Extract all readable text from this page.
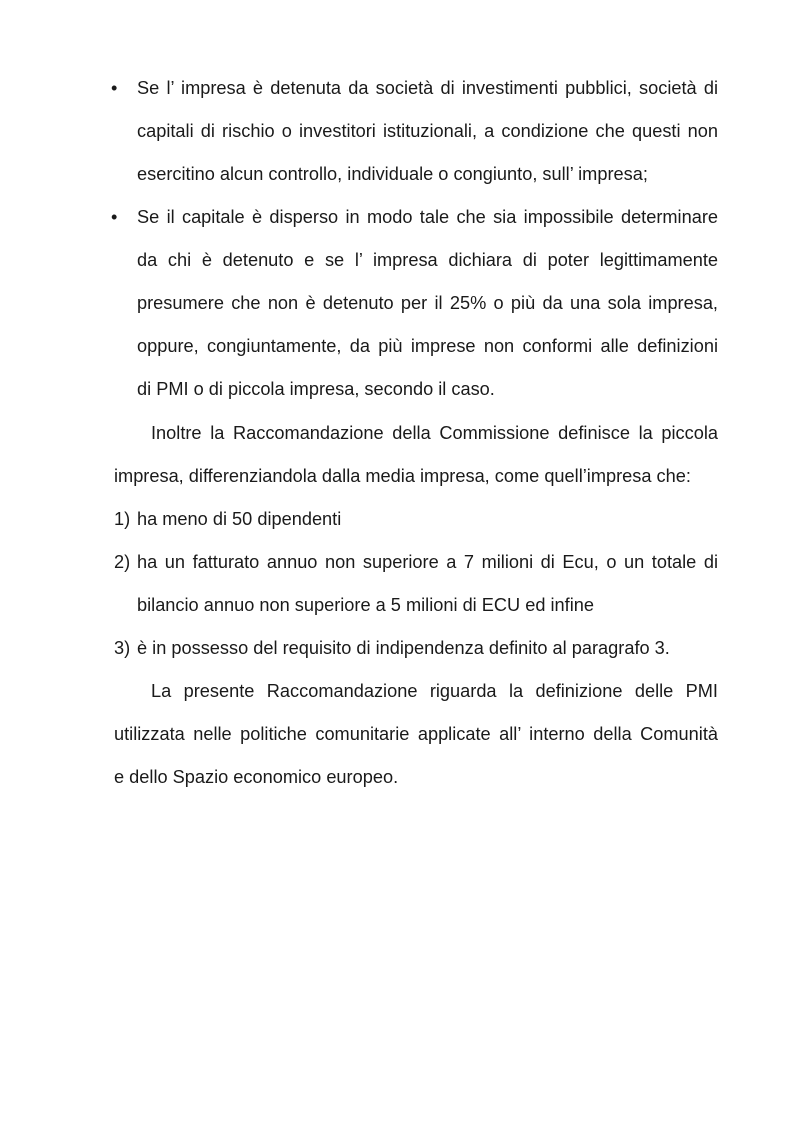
• Se l’ impresa è detenuta da società di investimenti pubblici, società di
capitali di rischio o investitori istituzionali, a condizione che questi non
esercitino alcun controllo, individuale o congiunto, sull’ impresa;
• Se il capitale è disperso in modo tale che sia impossibile determinare
da chi è detenuto e se l’ impresa dichiara di poter legittimamente
presumere che non è detenuto per il 25% o più da una sola impresa,
oppure, congiuntamente, da più imprese non conformi alle definizioni
di PMI o di piccola impresa, secondo il caso.
Inoltre la Raccomandazione della Commissione definisce la piccola
impresa, differenziandola dalla media impresa, come quell’impresa che:
1) ha meno di 50 dipendenti
2) ha un fatturato annuo non superiore a 7 milioni di Ecu, o un totale di
bilancio annuo non superiore a 5 milioni di ECU ed infine
3) è in possesso del requisito di indipendenza definito al paragrafo 3.
La presente Raccomandazione riguarda la definizione delle PMI
utilizzata nelle politiche comunitarie applicate all’ interno della Comunità
e dello Spazio economico europeo.
